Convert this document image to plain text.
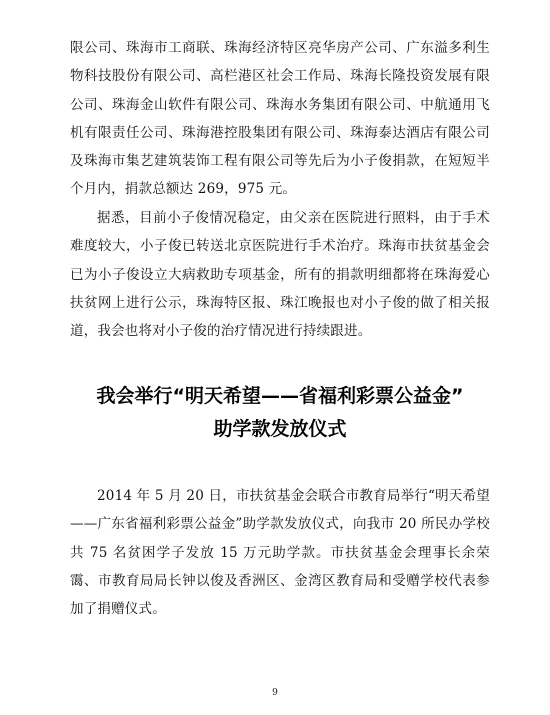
限公司、珠海市工商联、珠海经济特区亮华房产公司、广东溢多利生物科技股份有限公司、高栏港区社会工作局、珠海长隆投资发展有限公司、珠海金山软件有限公司、珠海水务集团有限公司、中航通用飞机有限责任公司、珠海港控股集团有限公司、珠海泰达酒店有限公司及珠海市集艺建筑装饰工程有限公司等先后为小子俊捐款，在短短半个月内，捐款总额达 269，975 元。
据悉，目前小子俊情况稳定，由父亲在医院进行照料，由于手术难度较大，小子俊已转送北京医院进行手术治疗。珠海市扶贫基金会已为小子俊设立大病救助专项基金，所有的捐款明细都将在珠海爱心扶贫网上进行公示，珠海特区报、珠江晚报也对小子俊的做了相关报道，我会也将对小子俊的治疗情况进行持续跟进。
我会举行“明天希望——省福利彩票公益金”
助学款发放仪式
2014 年 5 月 20 日，市扶贫基金会联合市教育局举行“明天希望——广东省福利彩票公益金”助学款发放仪式，向我市 20 所民办学校共 75 名贫困学子发放 15 万元助学款。市扶贫基金会理事长余荣霭、市教育局局长钟以俊及香洲区、金湾区教育局和受赠学校代表参加了捐赠仪式。
9
